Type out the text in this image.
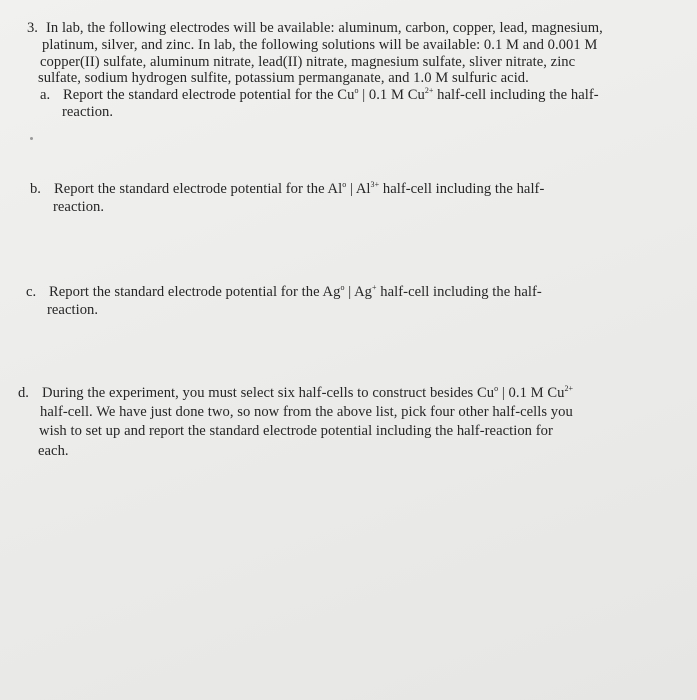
3. In lab, the following electrodes will be available: aluminum, carbon, copper, lead, magnesium,
platinum, silver, and zinc. In lab, the following solutions will be available: 0.1 M and 0.001 M
copper(II) sulfate, aluminum nitrate, lead(II) nitrate, magnesium sulfate, sliver nitrate, zinc
sulfate, sodium hydrogen sulfite, potassium permanganate, and 1.0 M sulfuric acid.
a. Report the standard electrode potential for the Cu$^o$ | 0.1 M $Cu^{2+}$ half-cell including the half-
reaction.
b. Report the standard electrode potential for the Al$^o$ | $Al^{3+}$ half-cell including the half-
reaction.
c. Report the standard electrode potential for the Ag$^o$ | Ag+ half-cell including the half-
reaction.
d. During the experiment, you must select six half-cells to construct besides Cu$^o$ | 0.1 M $Cu^{2+}$
half-cell. We have just done two, so now from the above list, pick four other half-cells you
wish to set up and report the standard electrode potential including the half-reaction for
each.
